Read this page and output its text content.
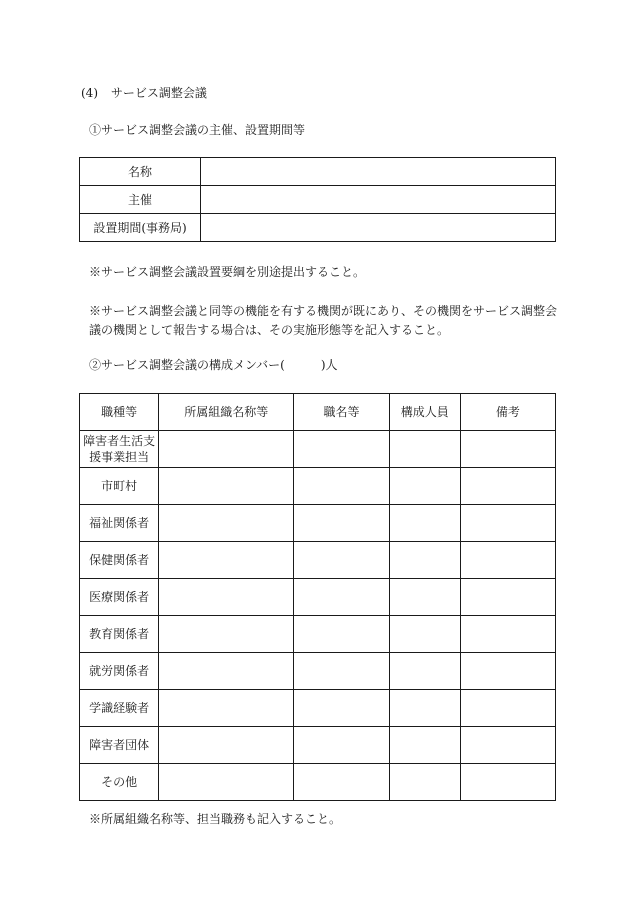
(4) サービス調整会議
①サービス調整会議の主催、設置期間等
名称	
主催	
設置期間(事務局)	
※サービス調整会議設置要綱を別途提出すること。
※サービス調整会議と同等の機能を有する機関が既にあり、その機関をサービス調整会議の機関として報告する場合は、その実施形態等を記入すること。
②サービス調整会議の構成メンバー(　　　)人
職種等	所属組織名称等	職名等	構成人員	備考
障害者生活支援事業担当				
市町村				
福祉関係者				
保健関係者				
医療関係者				
教育関係者				
就労関係者				
学識経験者				
障害者団体				
その他				
※所属組織名称等、担当職務も記入すること。
